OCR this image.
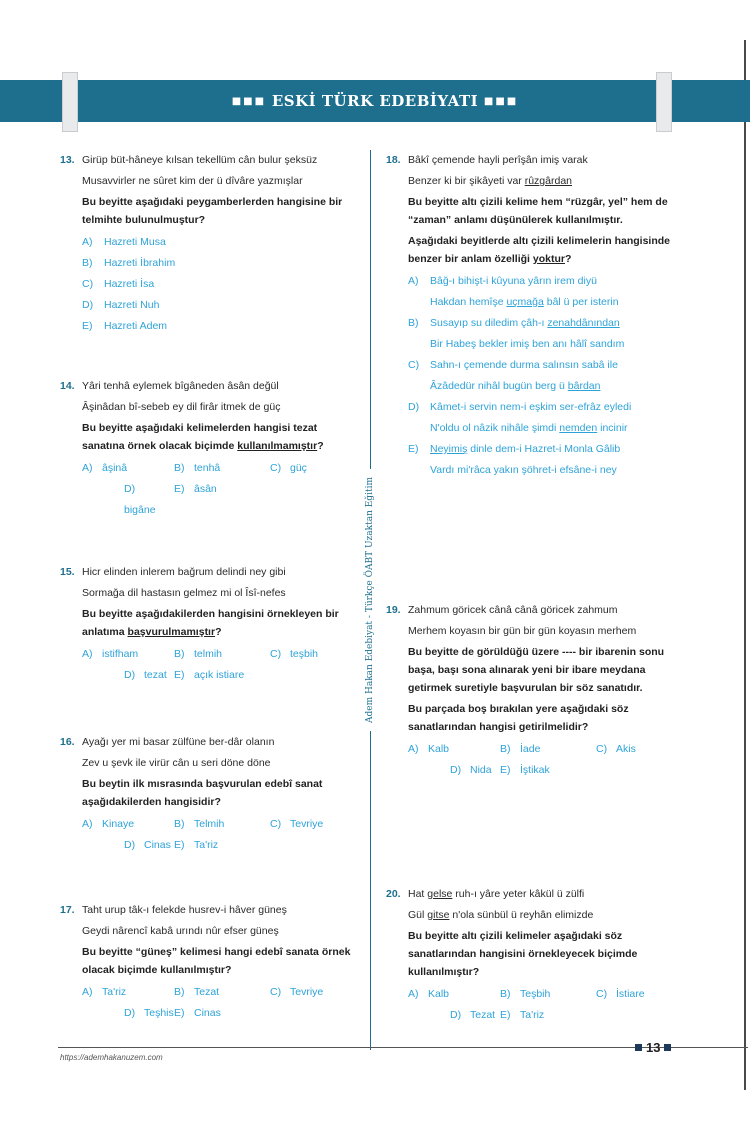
■■■ ESKİ TÜRK EDEBİYATI ■■■
Adem Hakan Edebiyat - Türkçe ÖABT Uzaktan Eğitim
13. Girüp büt-hâneye kılsan tekellüm cân bulur şeksüz
Musavvirler ne sûret kim der ü dîvâre yazmışlar
Bu beyitte aşağıdaki peygamberlerden hangisine bir telmihte bulunulmuştur?
A) Hazreti Musa
B) Hazreti İbrahim
C) Hazreti İsa
D) Hazreti Nuh
E) Hazreti Adem
14. Yâri tenhâ eylemek bîgâneden âsân değül
Âşinâdan bî-sebeb ey dil firâr itmek de güç
Bu beyitte aşağıdaki kelimelerden hangisi tezat sanatına örnek olacak biçimde kullanılmamıştır?
A) âşinâ	B) tenhâ	C) güç
D)bigâne
E) âsân
15. Hicr elinden inlerem bağrum delindi ney gibi
Sormağa dil hastasın gelmez mi ol Îsî-nefes
Bu beyitte aşağıdakilerden hangisini örnekleyen bir anlatıma başvurulmamıştır?
A) istifham	B) telmih	C) teşbih
D) tezat E) açık istiare
16. Ayağı yer mi basar zülfüne ber-dâr olanın
Zev u şevk ile virür cân u seri döne döne
Bu beytin ilk mısrasında başvurulan edebî sanat aşağıdakilerden hangisidir?
A) Kinaye	B) Telmih	C) Tevriye
D) Cinas E) Ta'riz
17. Taht urup tâk-ı felekde husrev-i hâver güneş
Geydi nârencî kabâ urındı nûr efser güneş
Bu beyitte “güneş” kelimesi hangi edebî sanata örnek olacak biçimde kullanılmıştır?
A) Ta'riz	B) Tezat	C) Tevriye
D) Teşhis E) Cinas
18. Bâkî çemende hayli perîşân imiş varak
Benzer ki bir şikâyeti var rûzgârdan
Bu beyitte altı çizili kelime hem “rüzgâr, yel” hem de “zaman” anlamı düşünülerek kullanılmıştır.
Aşağıdaki beyitlerde altı çizili kelimelerin hangisinde benzer bir anlam özelliği yoktur?
A) Bâğ-ı bihişt-i kûyuna yârın irem diyü
Hakdan hemîşe uçmağa bâl ü per isterin
B) Susayıp su diledim çâh-ı zenahdânından
Bir Habeş bekler imiş ben anı hâlî sandım
C) Sahn-ı çemende durma salınsın sabâ ile
Âzâdedür nihâl bugün berg ü bârdan
D) Kâmet-i servin nem-i eşkim ser-efrâz eyledi
N'oldu ol nâzik nihâle şimdi nemden incinir
E) Neyimiş dinle dem-i Hazret-i Monla Gâlib
Vardı mi'râca yakın şöhret-i efsâne-i ney
19. Zahmum göricek cânâ cânâ göricek zahmum
Merhem koyasın bir gün bir gün koyasın merhem
Bu beyitte de görüldüğü üzere ---- bir ibarenin sonu başa, başı sona alınarak yeni bir ibare meydana getirmek suretiyle başvurulan bir söz sanatıdır.
Bu parçada boş bırakılan yere aşağıdaki söz sanatlarından hangisi getirilmelidir?
A) Kalb	B) İade	C) Akis
D) Nida E) İştikak
20. Hat gelse ruh-ı yâre yeter kâkül ü zülfi
Gül gitse n'ola sünbül ü reyhân elimizde
Bu beyitte altı çizili kelimeler aşağıdaki söz sanatlarından hangisini örnekleyecek biçimde kullanılmıştır?
A) Kalb	B) Teşbih	C) İstiare
D) Tezat E) Ta'riz
https://ademhakanuzem.com
13
